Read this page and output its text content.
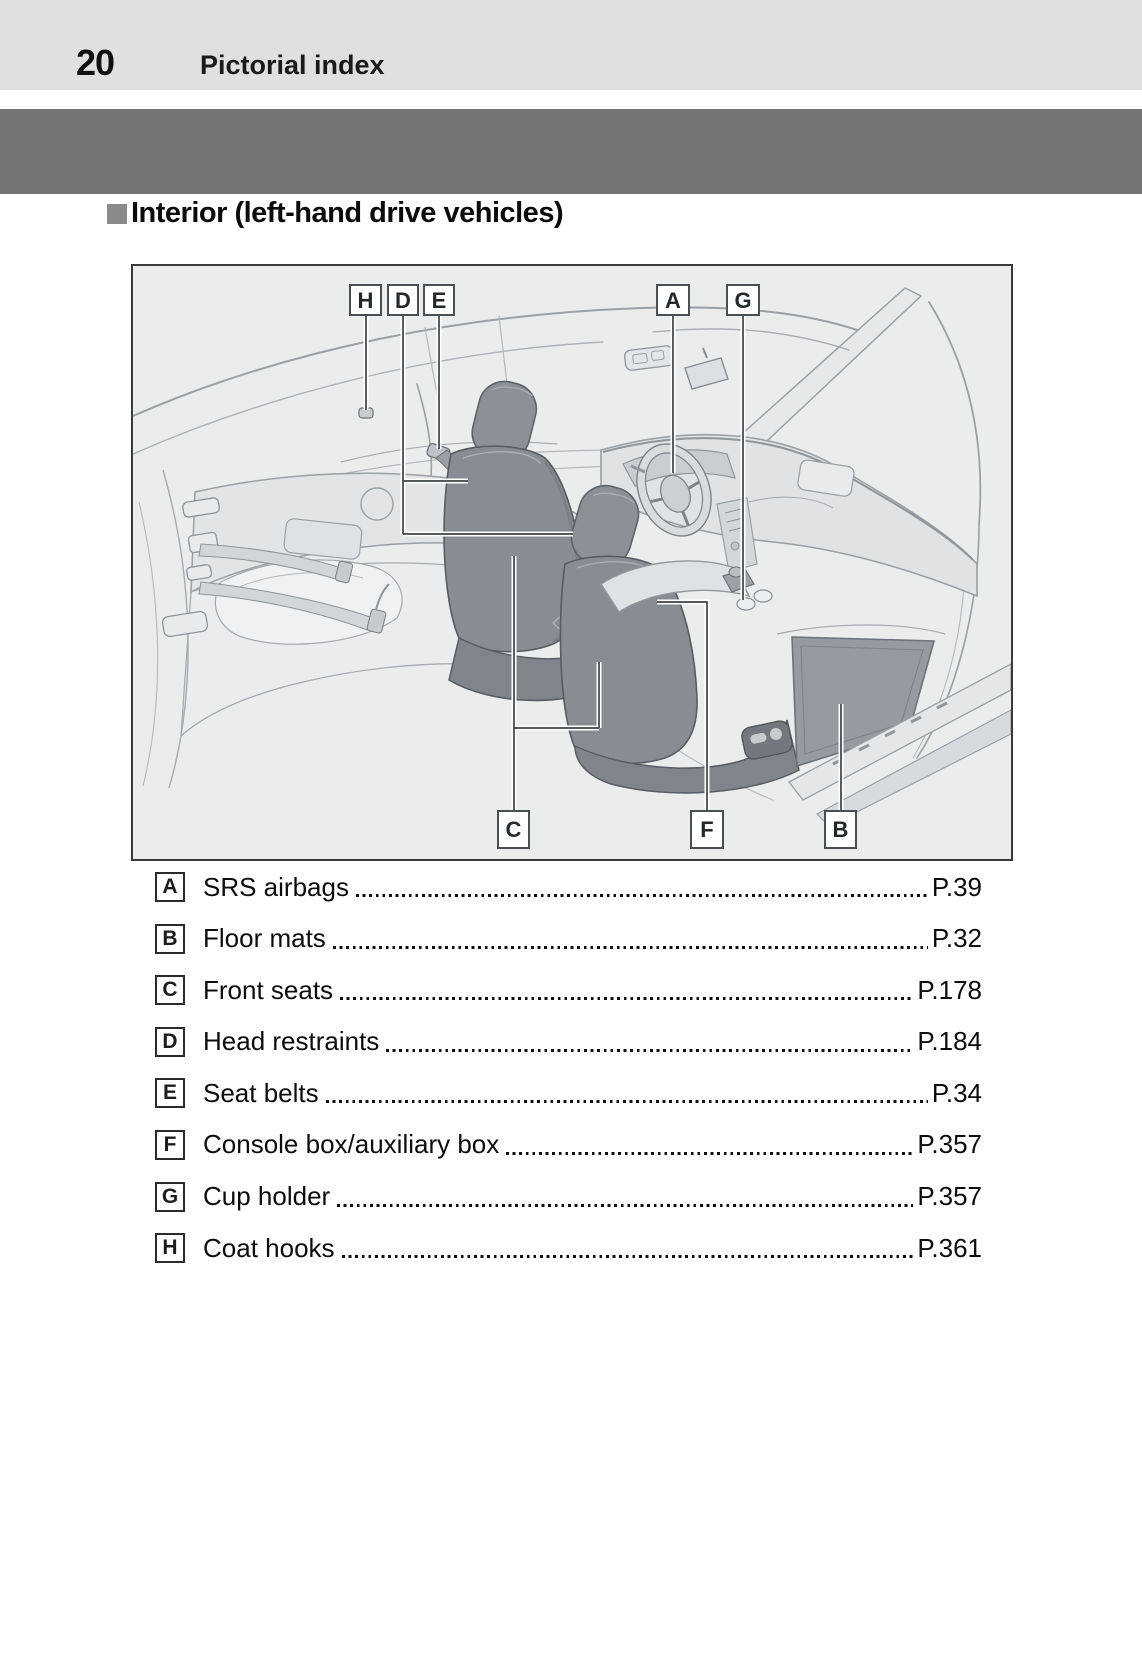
20	Pictorial index
Interior (left-hand drive vehicles)
H D E	A G
C	F	B
A SRS airbags	P.39
B Floor mats	P.32
C Front seats	P.178
D Head restraints	P.184
E	Seat belts	P.34
F	Console box/auxiliary box	P.357
G Cup holder	P.357
H Coat hooks	P.361
